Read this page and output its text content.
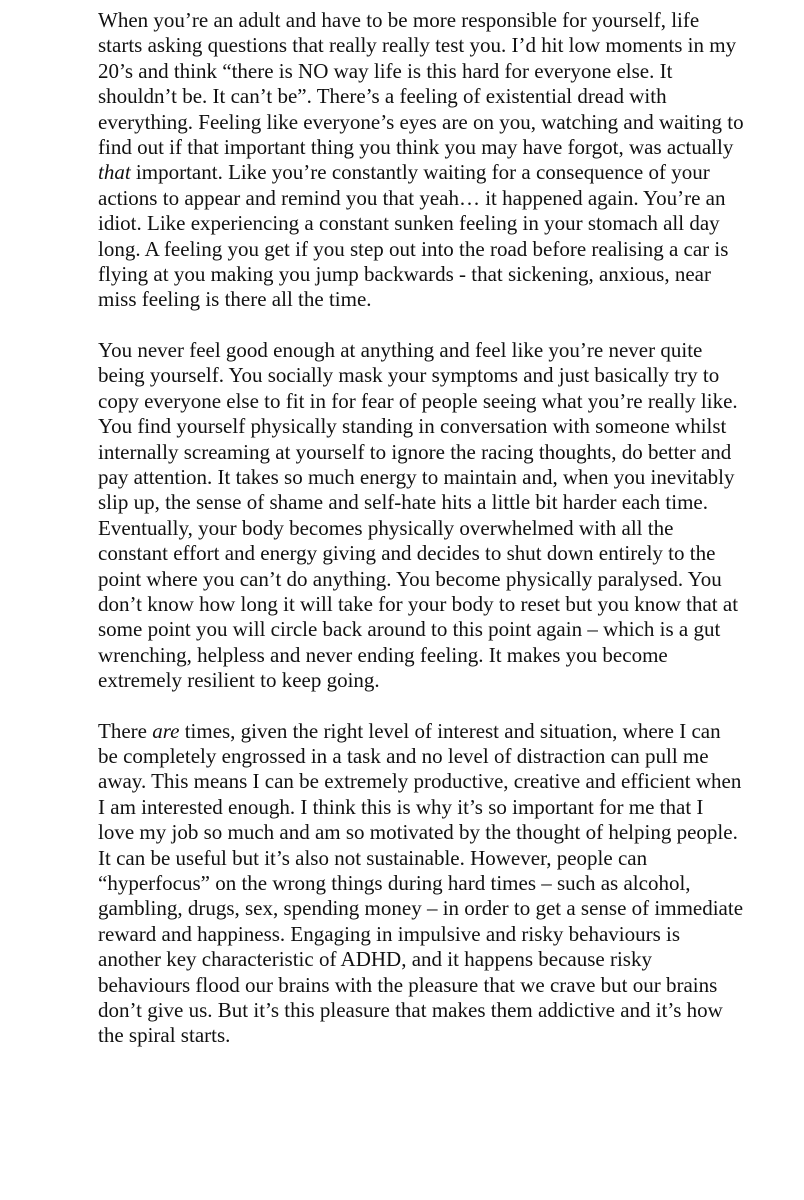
When you’re an adult and have to be more responsible for yourself, life starts asking questions that really really test you. I’d hit low moments in my 20’s and think “there is NO way life is this hard for everyone else. It shouldn’t be. It can’t be”. There’s a feeling of existential dread with everything. Feeling like everyone’s eyes are on you, watching and waiting to find out if that important thing you think you may have forgot, was actually that important. Like you’re constantly waiting for a consequence of your actions to appear and remind you that yeah… it happened again. You’re an idiot. Like experiencing a constant sunken feeling in your stomach all day long. A feeling you get if you step out into the road before realising a car is flying at you making you jump backwards - that sickening, anxious, near miss feeling is there all the time.

You never feel good enough at anything and feel like you’re never quite being yourself. You socially mask your symptoms and just basically try to copy everyone else to fit in for fear of people seeing what you’re really like. You find yourself physically standing in conversation with someone whilst internally screaming at yourself to ignore the racing thoughts, do better and pay attention. It takes so much energy to maintain and, when you inevitably slip up, the sense of shame and self-hate hits a little bit harder each time. Eventually, your body becomes physically overwhelmed with all the constant effort and energy giving and decides to shut down entirely to the point where you can’t do anything. You become physically paralysed. You don’t know how long it will take for your body to reset but you know that at some point you will circle back around to this point again – which is a gut wrenching, helpless and never ending feeling. It makes you become extremely resilient to keep going.

There are times, given the right level of interest and situation, where I can be completely engrossed in a task and no level of distraction can pull me away. This means I can be extremely productive, creative and efficient when I am interested enough. I think this is why it’s so important for me that I love my job so much and am so motivated by the thought of helping people. It can be useful but it’s also not sustainable. However, people can “hyperfocus” on the wrong things during hard times – such as alcohol, gambling, drugs, sex, spending money – in order to get a sense of immediate reward and happiness. Engaging in impulsive and risky behaviours is another key characteristic of ADHD, and it happens because risky behaviours flood our brains with the pleasure that we crave but our brains don’t give us. But it’s this pleasure that makes them addictive and it’s how the spiral starts.
